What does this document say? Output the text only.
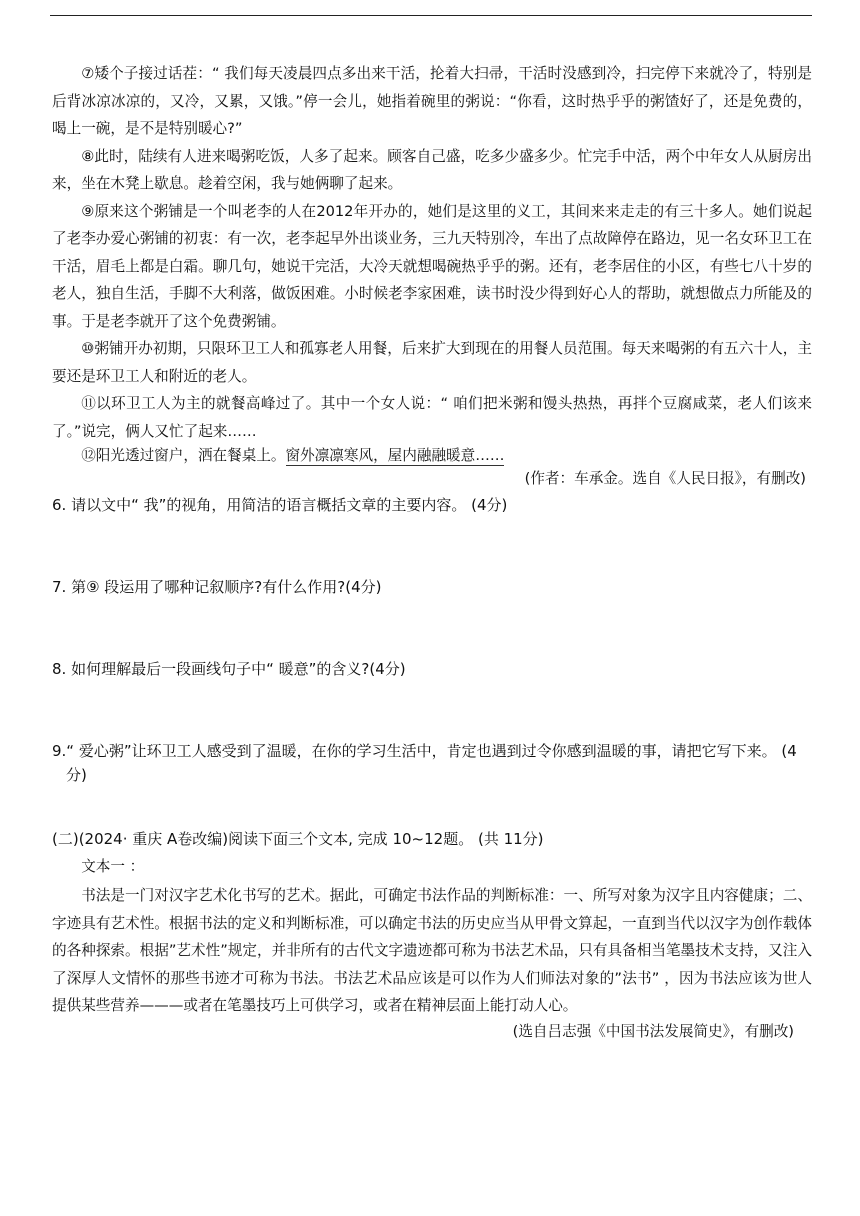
⑦矮个子接过话茬：“ 我们每天凌晨四点多出来干活，抡着大扫帚，干活时没感到冷，扫完停下来就冷了，特别是后背冰凉冰凉的，又冷，又累，又饿。”停一会儿，她指着碗里的粥说：“你看，这时热乎乎的粥馇好了，还是免费的，喝上一碗，是不是特别暖心?”

⑧此时，陆续有人进来喝粥吃饭，人多了起来。顾客自己盛，吃多少盛多少。忙完手中活，两个中年女人从厨房出来，坐在木凳上歇息。趁着空闲，我与她俩聊了起来。

⑨原来这个粥铺是一个叫老李的人在2012年开办的，她们是这里的义工，其间来来走走的有三十多人。她们说起了老李办爱心粥铺的初衷：有一次，老李起早外出谈业务，三九天特别冷，车出了点故障停在路边，见一名女环卫工在干活，眉毛上都是白霜。聊几句，她说干完活，大冷天就想喝碗热乎乎的粥。还有，老李居住的小区，有些七八十岁的老人，独自生活，手脚不大利落，做饭困难。小时候老李家困难，读书时没少得到好心人的帮助，就想做点力所能及的事。于是老李就开了这个免费粥铺。

⑩粥铺开办初期，只限环卫工人和孤寡老人用餐，后来扩大到现在的用餐人员范围。每天来喝粥的有五六十人，主要还是环卫工人和附近的老人。

⑪以环卫工人为主的就餐高峰过了。其中一个女人说：“ 咱们把米粥和馒头热热，再拌个豆腐咸菜，老人们该来了。”说完，俩人又忙了起来……

⑫阳光透过窗户，洒在餐桌上。窗外凛凛寒风，屋内融融暖意……

(作者：车承金。选自《人民日报》，有删改)

6. 请以文中“ 我”的视角，用简洁的语言概括文章的主要内容。 (4分)

7. 第⑨ 段运用了哪种记叙顺序?有什么作用?(4分)

8. 如何理解最后一段画线句子中“ 暖意”的含义?(4分)

9.“ 爱心粥”让环卫工人感受到了温暖，在你的学习生活中，肯定也遇到过令你感到温暖的事，请把它写下来。 (4分)

(二)(2024· 重庆 A卷改编)阅读下面三个文本, 完成 10~12题。 (共 11分)

文本一 ：

书法是一门对汉字艺术化书写的艺术。据此，可确定书法作品的判断标准：一、所写对象为汉字且内容健康；二、字迹具有艺术性。根据书法的定义和判断标准，可以确定书法的历史应当从甲骨文算起，一直到当代以汉字为创作载体的各种探索。根据”艺术性”规定，并非所有的古代文字遗迹都可称为书法艺术品，只有具备相当笔墨技术支持，又注入了深厚人文情怀的那些书迹才可称为书法。书法艺术品应该是可以作为人们师法对象的”法书” ，因为书法应该为世人提供某些营养———或者在笔墨技巧上可供学习，或者在精神层面上能打动人心。

(选自吕志强《中国书法发展简史》，有删改)
